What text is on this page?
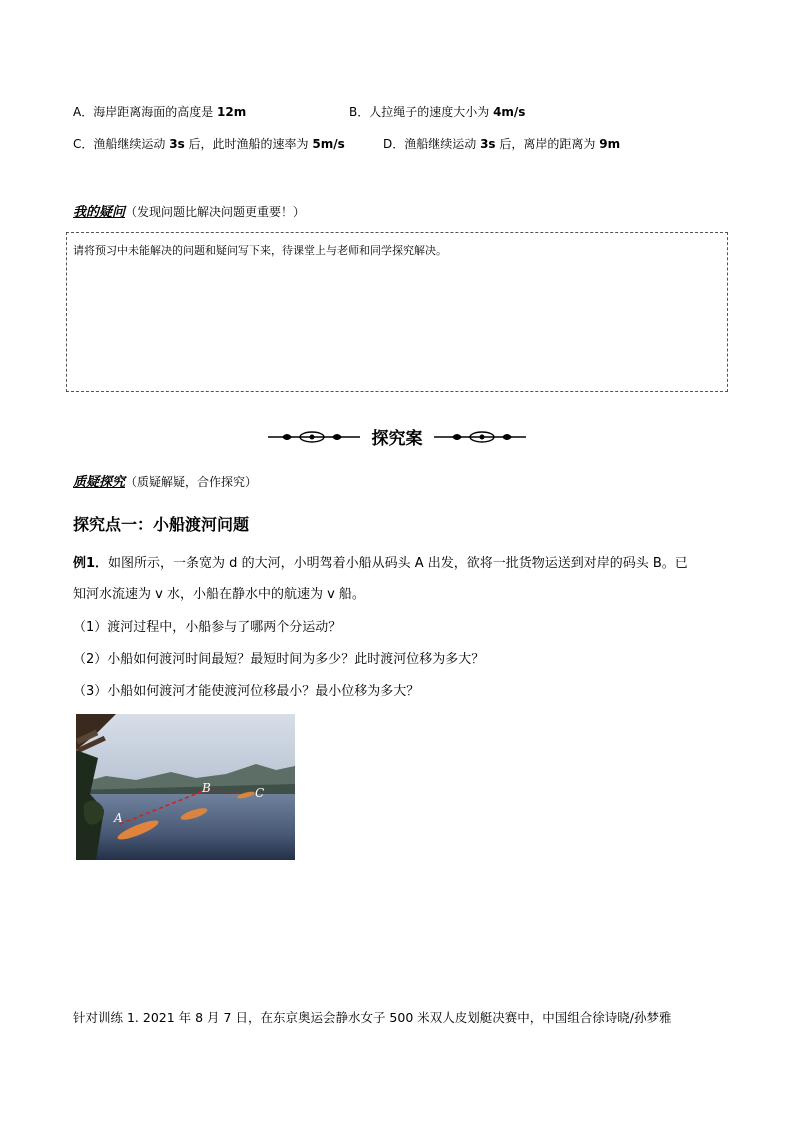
A．海岸距离海面的高度是 12m	B．人拉绳子的速度大小为 4m/s
C．渔船继续运动 3s 后，此时渔船的速率为 5m/s	D．渔船继续运动 3s 后，离岸的距离为 9m
我的疑问（发现问题比解决问题更重要！）
请将预习中未能解决的问题和疑问写下来，待课堂上与老师和同学探究解决。
探究案
质疑探究（质疑解疑，合作探究）
探究点一：小船渡河问题
例1．如图所示，一条宽为 d 的大河，小明驾着小船从码头 A 出发，欲将一批货物运送到对岸的码头 B。已
知河水流速为 v 水，小船在静水中的航速为 v 船。
（1）渡河过程中，小船参与了哪两个分运动？
（2）小船如何渡河时间最短？最短时间为多少？此时渡河位移为多大？
（3）小船如何渡河才能使渡河位移最小？最小位移为多大？
A
B	C
针对训练 1. 2021 年 8 月 7 日，在东京奥运会静水女子 500 米双人皮划艇决赛中，中国组合徐诗晓/孙梦雅
